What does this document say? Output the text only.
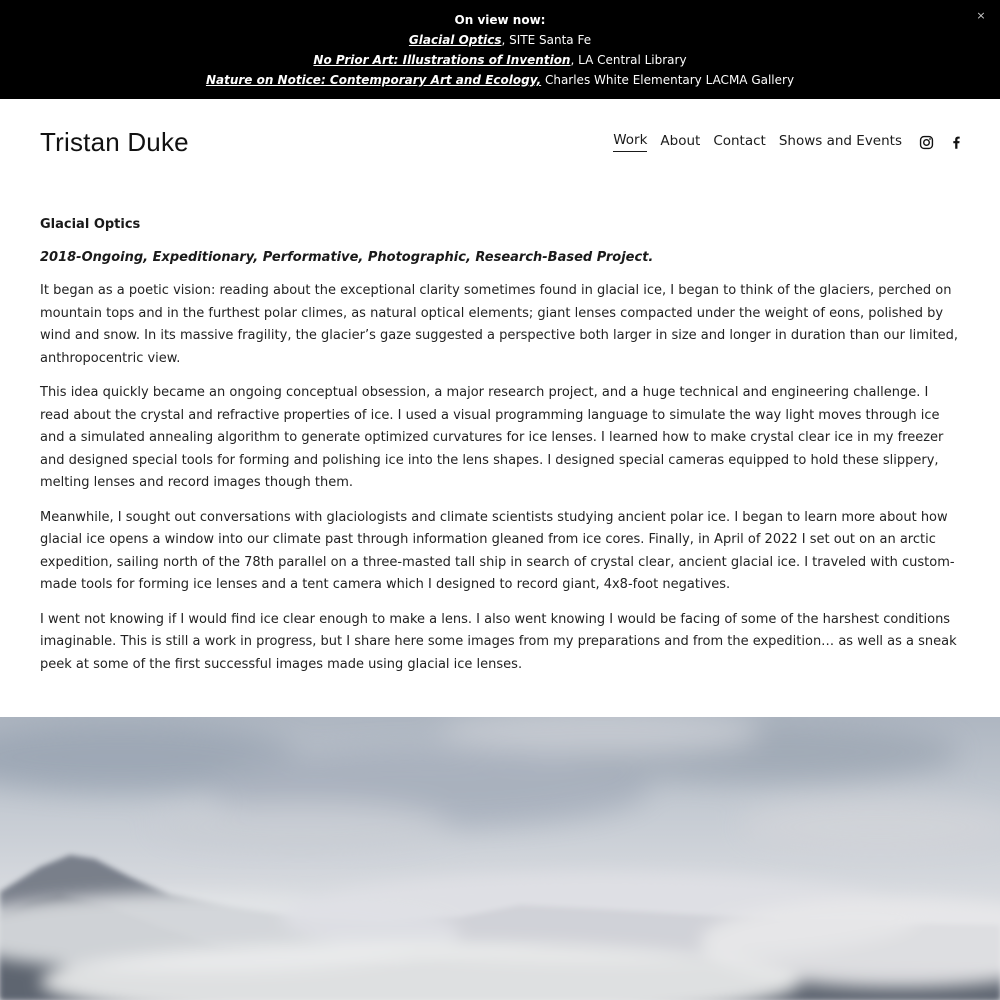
On view now:
Glacial Optics, SITE Santa Fe
No Prior Art: Illustrations of Invention, LA Central Library
Nature on Notice: Contemporary Art and Ecology, Charles White Elementary LACMA Gallery
×
Tristan Duke	Work About Contact Shows and Events
Glacial Optics
2018-Ongoing, Expeditionary, Performative, Photographic, Research-Based Project.

It began as a poetic vision: reading about the exceptional clarity sometimes found in glacial ice, I began to think of the glaciers, perched on mountain tops and in the furthest polar climes, as natural optical elements; giant lenses compacted under the weight of eons, polished by wind and snow. In its massive fragility, the glacier’s gaze suggested a perspective both larger in size and longer in duration than our limited, anthropocentric view.

This idea quickly became an ongoing conceptual obsession, a major research project, and a huge technical and engineering challenge. I read about the crystal and refractive properties of ice. I used a visual programming language to simulate the way light moves through ice and a simulated annealing algorithm to generate optimized curvatures for ice lenses. I learned how to make crystal clear ice in my freezer and designed special tools for forming and polishing ice into the lens shapes. I designed special cameras equipped to hold these slippery, melting lenses and record images though them.

Meanwhile, I sought out conversations with glaciologists and climate scientists studying ancient polar ice. I began to learn more about how glacial ice opens a window into our climate past through information gleaned from ice cores. Finally, in April of 2022 I set out on an arctic expedition, sailing north of the 78th parallel on a three-masted tall ship in search of crystal clear, ancient glacial ice. I traveled with custom-made tools for forming ice lenses and a tent camera which I designed to record giant, 4x8-foot negatives.

I went not knowing if I would find ice clear enough to make a lens. I also went knowing I would be facing of some of the harshest conditions imaginable. This is still a work in progress, but I share here some images from my preparations and from the expedition… as well as a sneak peek at some of the first successful images made using glacial ice lenses.
